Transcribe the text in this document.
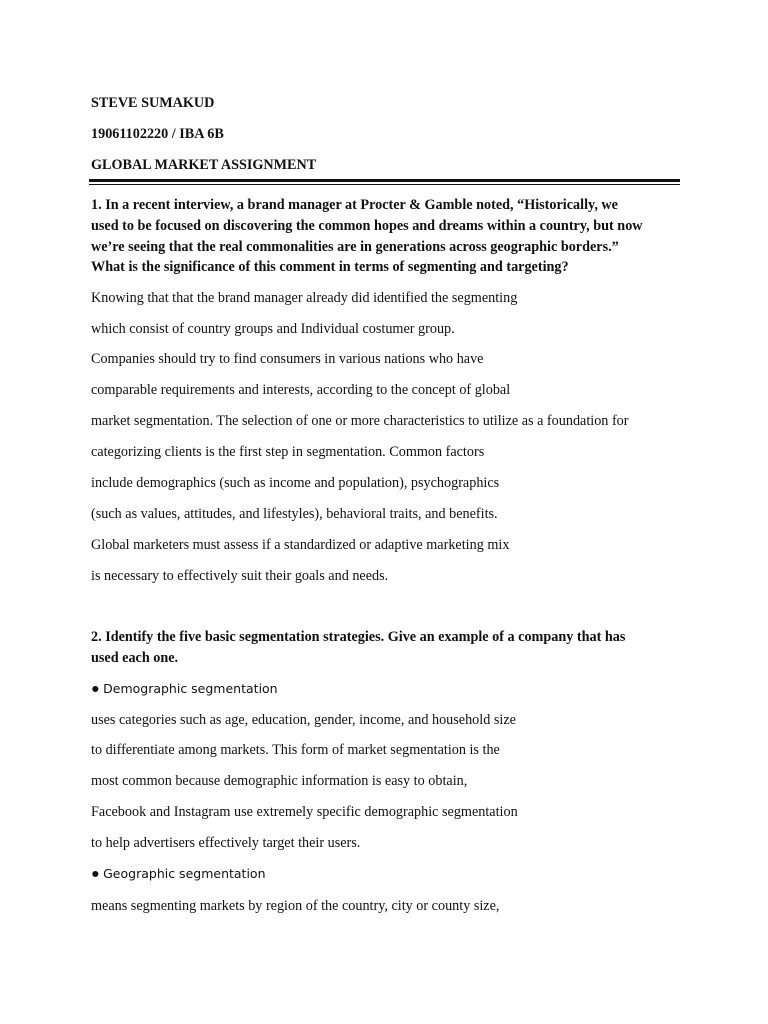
STEVE SUMAKUD
19061102220 / IBA 6B
GLOBAL MARKET ASSIGNMENT
1. In a recent interview, a brand manager at Procter & Gamble noted, “Historically, we
used to be focused on discovering the common hopes and dreams within a country, but now
we’re seeing that the real commonalities are in generations across geographic borders.”
What is the significance of this comment in terms of segmenting and targeting?
Knowing that that the brand manager already did identified the segmenting
which consist of country groups and Individual costumer group.
Companies should try to find consumers in various nations who have
comparable requirements and interests, according to the concept of global
market segmentation. The selection of one or more characteristics to utilize as a foundation for
categorizing clients is the first step in segmentation. Common factors
include demographics (such as income and population), psychographics
(such as values, attitudes, and lifestyles), behavioral traits, and benefits.
Global marketers must assess if a standardized or adaptive marketing mix
is necessary to effectively suit their goals and needs.
2. Identify the five basic segmentation strategies. Give an example of a company that has
used each one.
● Demographic segmentation
uses categories such as age, education, gender, income, and household size
to differentiate among markets. This form of market segmentation is the
most common because demographic information is easy to obtain,
Facebook and Instagram use extremely specific demographic segmentation
to help advertisers effectively target their users.
● Geographic segmentation
means segmenting markets by region of the country, city or county size,
